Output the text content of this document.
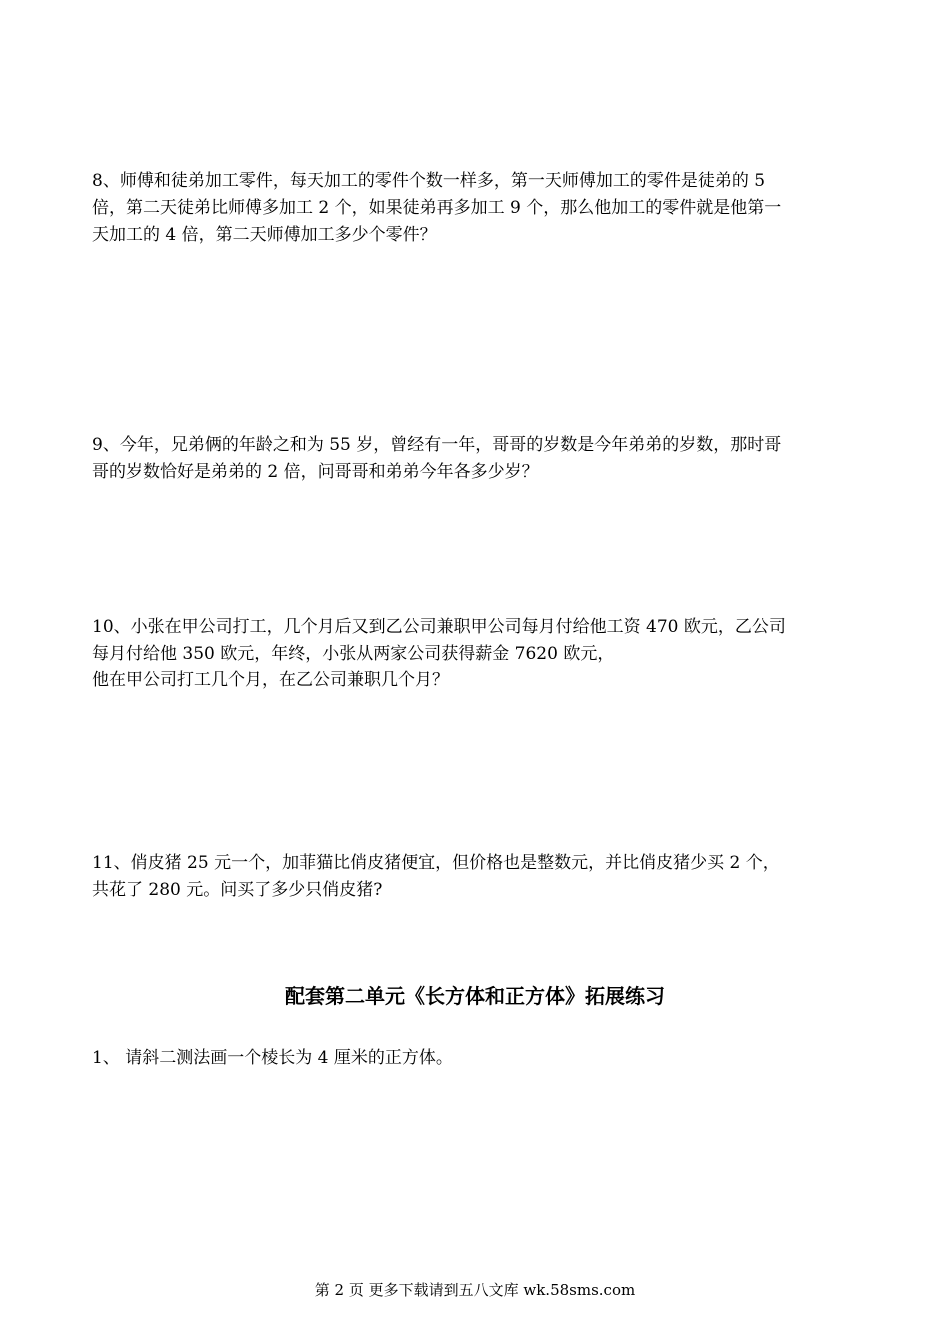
8、师傅和徒弟加工零件，每天加工的零件个数一样多，第一天师傅加工的零件是徒弟的 5
倍，第二天徒弟比师傅多加工 2 个，如果徒弟再多加工 9 个，那么他加工的零件就是他第一
天加工的 4 倍，第二天师傅加工多少个零件？
9、今年，兄弟俩的年龄之和为 55 岁，曾经有一年，哥哥的岁数是今年弟弟的岁数，那时哥
哥的岁数恰好是弟弟的 2 倍，问哥哥和弟弟今年各多少岁？
10、小张在甲公司打工，几个月后又到乙公司兼职甲公司每月付给他工资 470 欧元，乙公司
每月付给他 350 欧元，年终，小张从两家公司获得薪金 7620 欧元，
他在甲公司打工几个月，在乙公司兼职几个月？
11、俏皮猪 25 元一个，加菲猫比俏皮猪便宜，但价格也是整数元，并比俏皮猪少买 2 个，
共花了 280 元。问买了多少只俏皮猪?
配套第二单元《长方体和正方体》拓展练习
1、 请斜二测法画一个棱长为 4 厘米的正方体。
第 2 页 更多下载请到五八文库 wk.58sms.com
